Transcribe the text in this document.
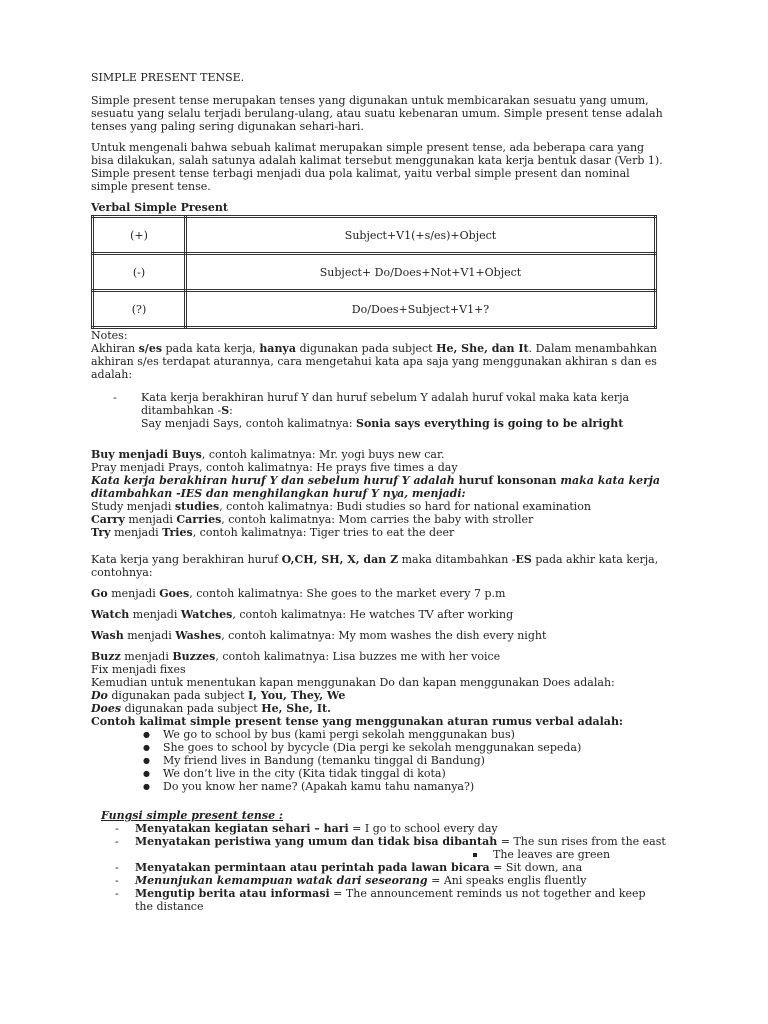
SIMPLE PRESENT TENSE.

Simple present tense merupakan tenses yang digunakan untuk membicarakan sesuatu yang umum, sesuatu yang selalu terjadi berulang-ulang, atau suatu kebenaran umum. Simple present tense adalah tenses yang paling sering digunakan sehari-hari.

Untuk mengenali bahwa sebuah kalimat merupakan simple present tense, ada beberapa cara yang bisa dilakukan, salah satunya adalah kalimat tersebut menggunakan kata kerja bentuk dasar (Verb 1). Simple present tense terbagi menjadi dua pola kalimat, yaitu verbal simple present dan nominal simple present tense.

Verbal Simple Present

(+)	Subject+V1(+s/es)+Object
(-)	Subject+ Do/Does+Not+V1+Object
(?)	Do/Does+Subject+V1+?

Notes:

Akhiran s/es pada kata kerja, hanya digunakan pada subject He, She, dan It. Dalam menambahkan akhiran s/es terdapat aturannya, cara mengetahui kata apa saja yang menggunakan akhiran s dan es adalah:

-	Kata kerja berakhiran huruf Y dan huruf sebelum Y adalah huruf vokal maka kata kerja ditambahkan -S:

Say menjadi Says, contoh kalimatnya: Sonia says everything is going to be alright

Buy menjadi Buys, contoh kalimatnya: Mr. yogi buys new car.

Pray menjadi Prays, contoh kalimatnya: He prays five times a day

Kata kerja berakhiran huruf Y dan sebelum huruf Y adalah huruf konsonan maka kata kerja ditambahkan -IES dan menghilangkan huruf Y nya, menjadi:

Study menjadi studies, contoh kalimatnya: Budi studies so hard for national examination

Carry menjadi Carries, contoh kalimatnya: Mom carries the baby with stroller

Try menjadi Tries, contoh kalimatnya: Tiger tries to eat the deer

Kata kerja yang berakhiran huruf O,CH, SH, X, dan Z maka ditambahkan -ES pada akhir kata kerja, contohnya:

Go menjadi Goes, contoh kalimatnya: She goes to the market every 7 p.m

Watch menjadi Watches, contoh kalimatnya: He watches TV after working

Wash menjadi Washes, contoh kalimatnya: My mom washes the dish every night

Buzz menjadi Buzzes, contoh kalimatnya: Lisa buzzes me with her voice

Fix menjadi fixes

Kemudian untuk menentukan kapan menggunakan Do dan kapan menggunakan Does adalah:

Do digunakan pada subject I, You, They, We

Does digunakan pada subject He, She, It.

Contoh kalimat simple present tense yang menggunakan aturan rumus verbal adalah:

● We go to school by bus (kami pergi sekolah menggunakan bus)
● She goes to school by bycycle (Dia pergi ke sekolah menggunakan sepeda)
● My friend lives in Bandung (temanku tinggal di Bandung)
● We don’t live in the city (Kita tidak tinggal di kota)
● Do you know her name? (Apakah kamu tahu namanya?)

Fungsi simple present tense :

-	Menyatakan kegiatan sehari – hari = I go to school every day
-	Menyatakan peristiwa yang umum dan tidak bisa dibantah = The sun rises from the east
The leaves are green
-	Menyatakan permintaan atau perintah pada lawan bicara = Sit down, ana
-	Menunjukan kemampuan watak dari seseorang = Ani speaks englis fluently
-	Mengutip berita atau informasi = The announcement reminds us not together and keep the distance
